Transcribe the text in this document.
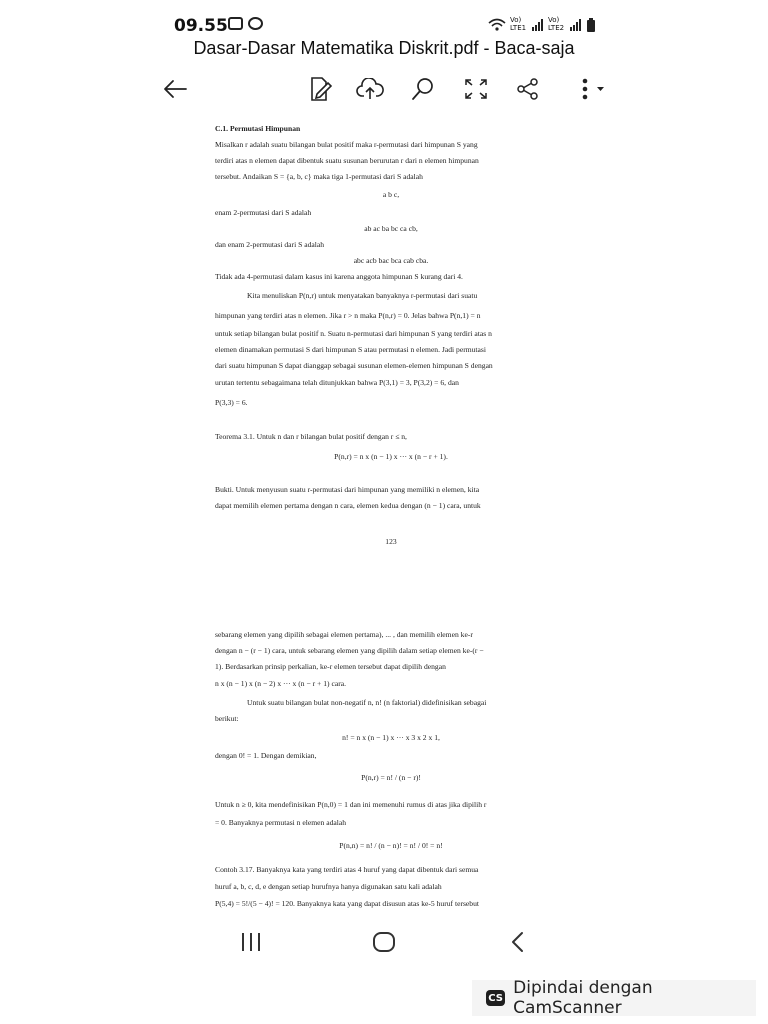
09.55	Vo) LTE1
Vo) LTE2
Dasar-Dasar Matematika Diskrit.pdf - Baca-saja

C.1. Permutasi Himpunan

Misalkan r adalah suatu bilangan bulat positif maka r-permutasi dari himpunan S yang

terdiri atas n elemen dapat dibentuk suatu susunan berurutan r dari n elemen himpunan

tersebut. Andaikan S = {a, b, c} maka tiga 1-permutasi dari S adalah

a b c,

enam 2-permutasi dari S adalah

ab ac ba bc ca cb,

dan enam 2-permutasi dari S adalah

abc acb bac bca cab cba.

Tidak ada 4-permutasi dalam kasus ini karena anggota himpunan S kurang dari 4.

Kita menuliskan P(n,r) untuk menyatakan banyaknya r-permutasi dari suatu

himpunan yang terdiri atas n elemen. Jika r > n maka P(n,r) = 0. Jelas bahwa P(n,1) = n

untuk setiap bilangan bulat positif n. Suatu n-permutasi dari himpunan S yang terdiri atas n

elemen dinamakan permutasi S dari himpunan S atau permutasi n elemen. Jadi permutasi

dari suatu himpunan S dapat dianggap sebagai susunan elemen-elemen himpunan S dengan

urutan tertentu sebagaimana telah ditunjukkan bahwa P(3,1) = 3, P(3,2) = 6, dan

P(3,3) = 6.

Teorema 3.1. Untuk n dan r bilangan bulat positif dengan r ≤ n,

P(n,r) = n x (n − 1) x ··· x (n − r + 1).

Bukti. Untuk menyusun suatu r-permutasi dari himpunan yang memiliki n elemen, kita

dapat memilih elemen pertama dengan n cara, elemen kedua dengan (n − 1) cara, untuk

123

sebarang elemen yang dipilih sebagai elemen pertama), ... , dan memilih elemen ke-r

dengan n − (r − 1) cara, untuk sebarang elemen yang dipilih dalam setiap elemen ke-(r −

1). Berdasarkan prinsip perkalian, ke-r elemen tersebut dapat dipilih dengan

n x (n − 1) x (n − 2) x ··· x (n − r + 1) cara.

Untuk suatu bilangan bulat non-negatif n, n! (n faktorial) didefinisikan sebagai

berikut:

n! = n x (n − 1) x ··· x 3 x 2 x 1,

dengan 0! = 1. Dengan demikian,

P(n,r) = n! / (n − r)!

Untuk n ≥ 0, kita mendefinisikan P(n,0) = 1 dan ini memenuhi rumus di atas jika dipilih r

= 0. Banyaknya permutasi n elemen adalah

P(n,n) = n! / (n − n)! = n! / 0! = n!

Contoh 3.17. Banyaknya kata yang terdiri atas 4 huruf yang dapat dibentuk dari semua

huruf a, b, c, d, e dengan setiap hurufnya hanya digunakan satu kali adalah

P(5,4) = 5!/(5 − 4)! = 120. Banyaknya kata yang dapat disusun atas ke-5 huruf tersebut

CS Dipindai dengan CamScanner
